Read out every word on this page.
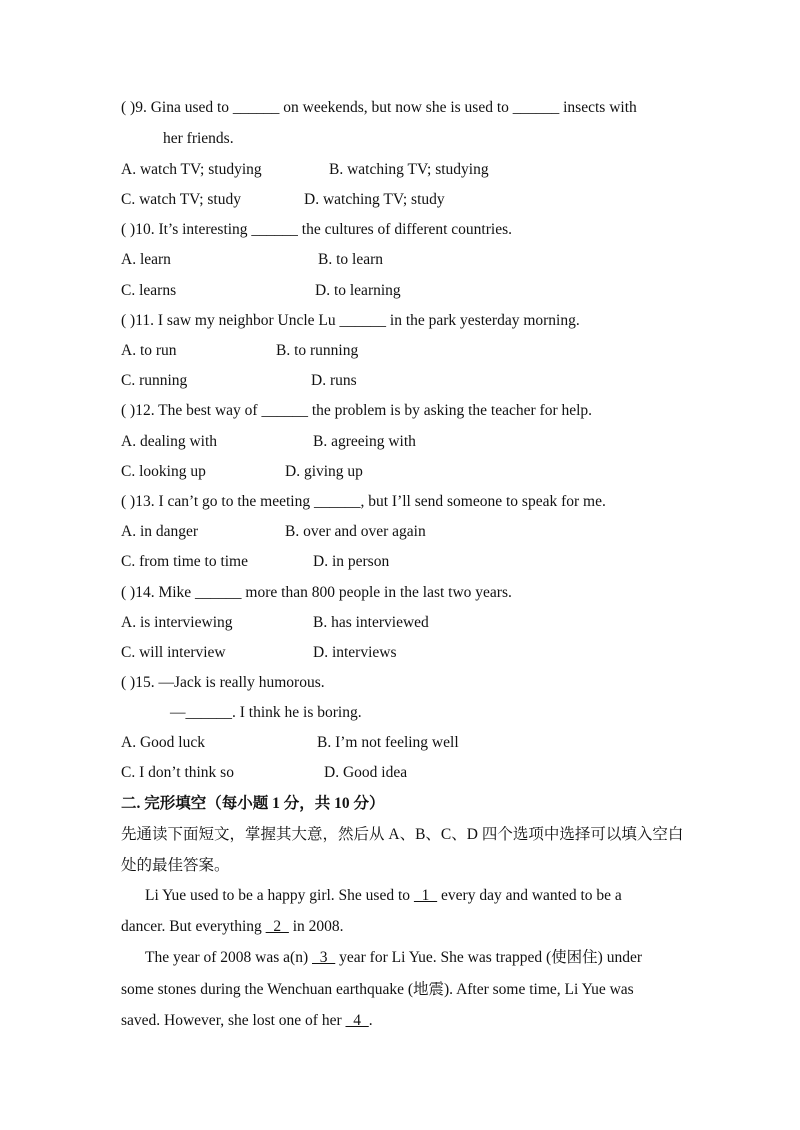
( )9. Gina used to ______ on weekends, but now she is used to ______ insects with
her friends.
A. watch TV; studying	B. watching TV; studying
C. watch TV; study	D. watching TV; study
( )10. It’s interesting ______ the cultures of different countries.
A. learn	B. to learn
C. learns	D. to learning
( )11. I saw my neighbor Uncle Lu ______ in the park yesterday morning.
A. to run	B. to running
C. running	D. runs
( )12. The best way of ______ the problem is by asking the teacher for help.
A. dealing with	B. agreeing with
C. looking up	D. giving up
( )13. I can’t go to the meeting ______, but I’ll send someone to speak for me.
A. in danger	B. over and over again
C. from time to time	D. in person
( )14. Mike ______ more than 800 people in the last two years.
A. is interviewing	B. has interviewed
C. will interview	D. interviews
( )15. —Jack is really humorous.
—______. I think he is boring.
A. Good luck	B. I’m not feeling well
C. I don’t think so	D. Good idea
二. 完形填空（每小题 1 分，共 10 分）
先通读下面短文，掌握其大意，然后从 A、B、C、D 四个选项中选择可以填入空白
处的最佳答案。
Li Yue used to be a happy girl. She used to   1   every day and wanted to be a
dancer. But everything   2   in 2008.
The year of 2008 was a(n)   3   year for Li Yue. She was trapped (使困住) under
some stones during the Wenchuan earthquake (地震). After some time, Li Yue was
saved. However, she lost one of her   4  .
